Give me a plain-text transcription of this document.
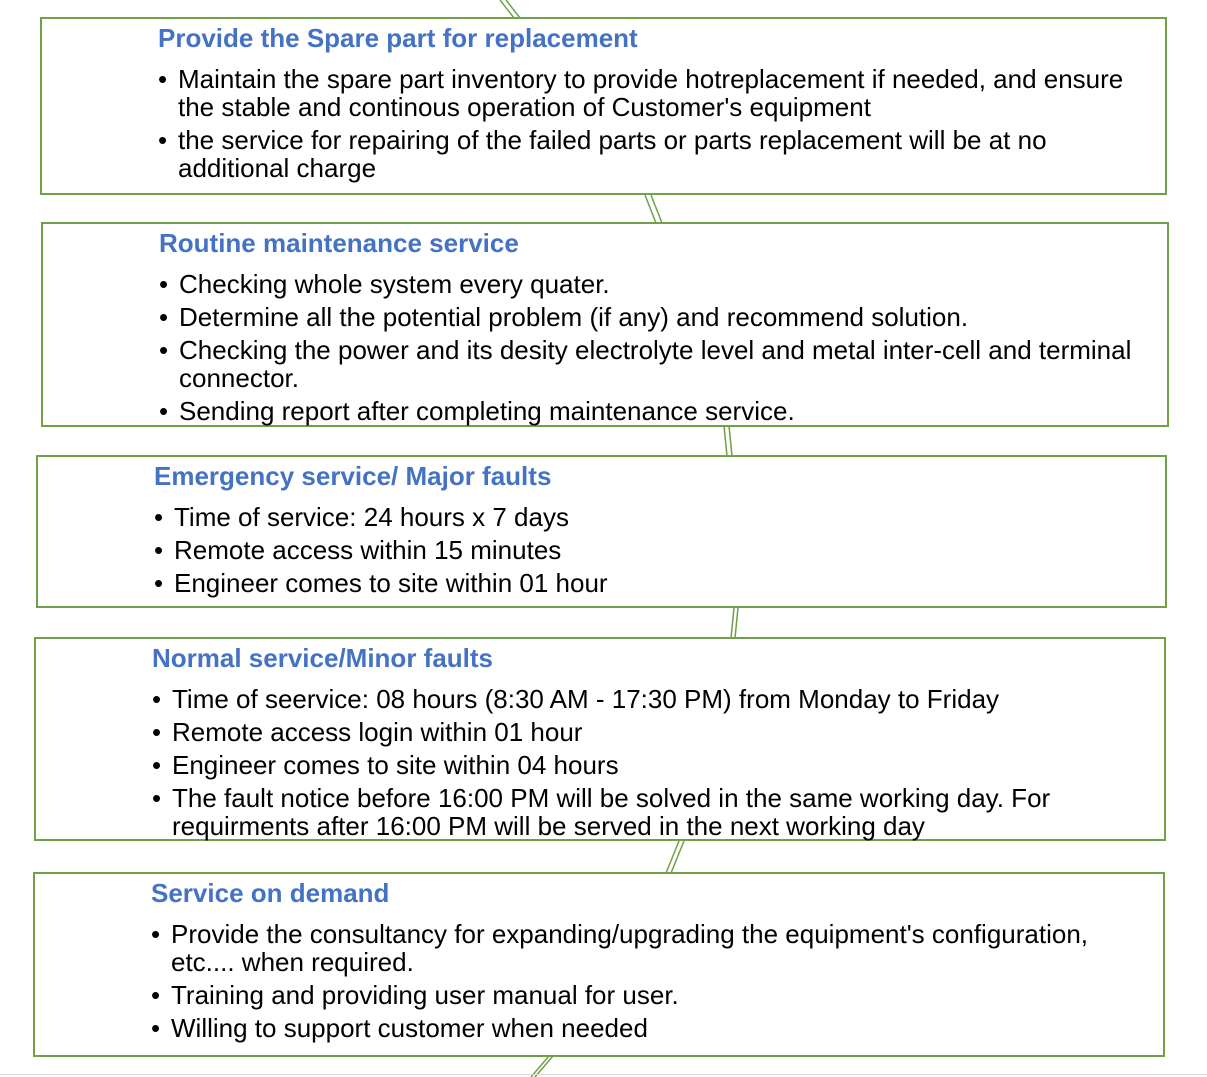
Provide the Spare part for replacement
• Maintain the spare part inventory to provide hotreplacement if needed, and ensure the stable and continous operation of Customer's equipment
• the service for repairing of the failed parts or parts replacement will be at no additional charge
Routine maintenance service
• Checking whole system every quater.
• Determine all the potential problem (if any) and recommend solution.
• Checking the power and its desity electrolyte level and metal inter-cell and terminal connector.
• Sending report after completing maintenance service.
Emergency service/ Major faults
• Time of service: 24 hours x 7 days
• Remote access within 15 minutes
• Engineer comes to site within 01 hour
Normal service/Minor faults
• Time of seervice: 08 hours (8:30 AM - 17:30 PM) from Monday to Friday
• Remote access login within 01 hour
• Engineer comes to site within 04 hours
• The fault notice before 16:00 PM will be solved in the same working day. For requirments after 16:00 PM will be served in the next working day
Service on demand
• Provide the consultancy for expanding/upgrading the equipment's configuration, etc.... when required.
• Training and providing user manual for user.
• Willing to support customer when needed
